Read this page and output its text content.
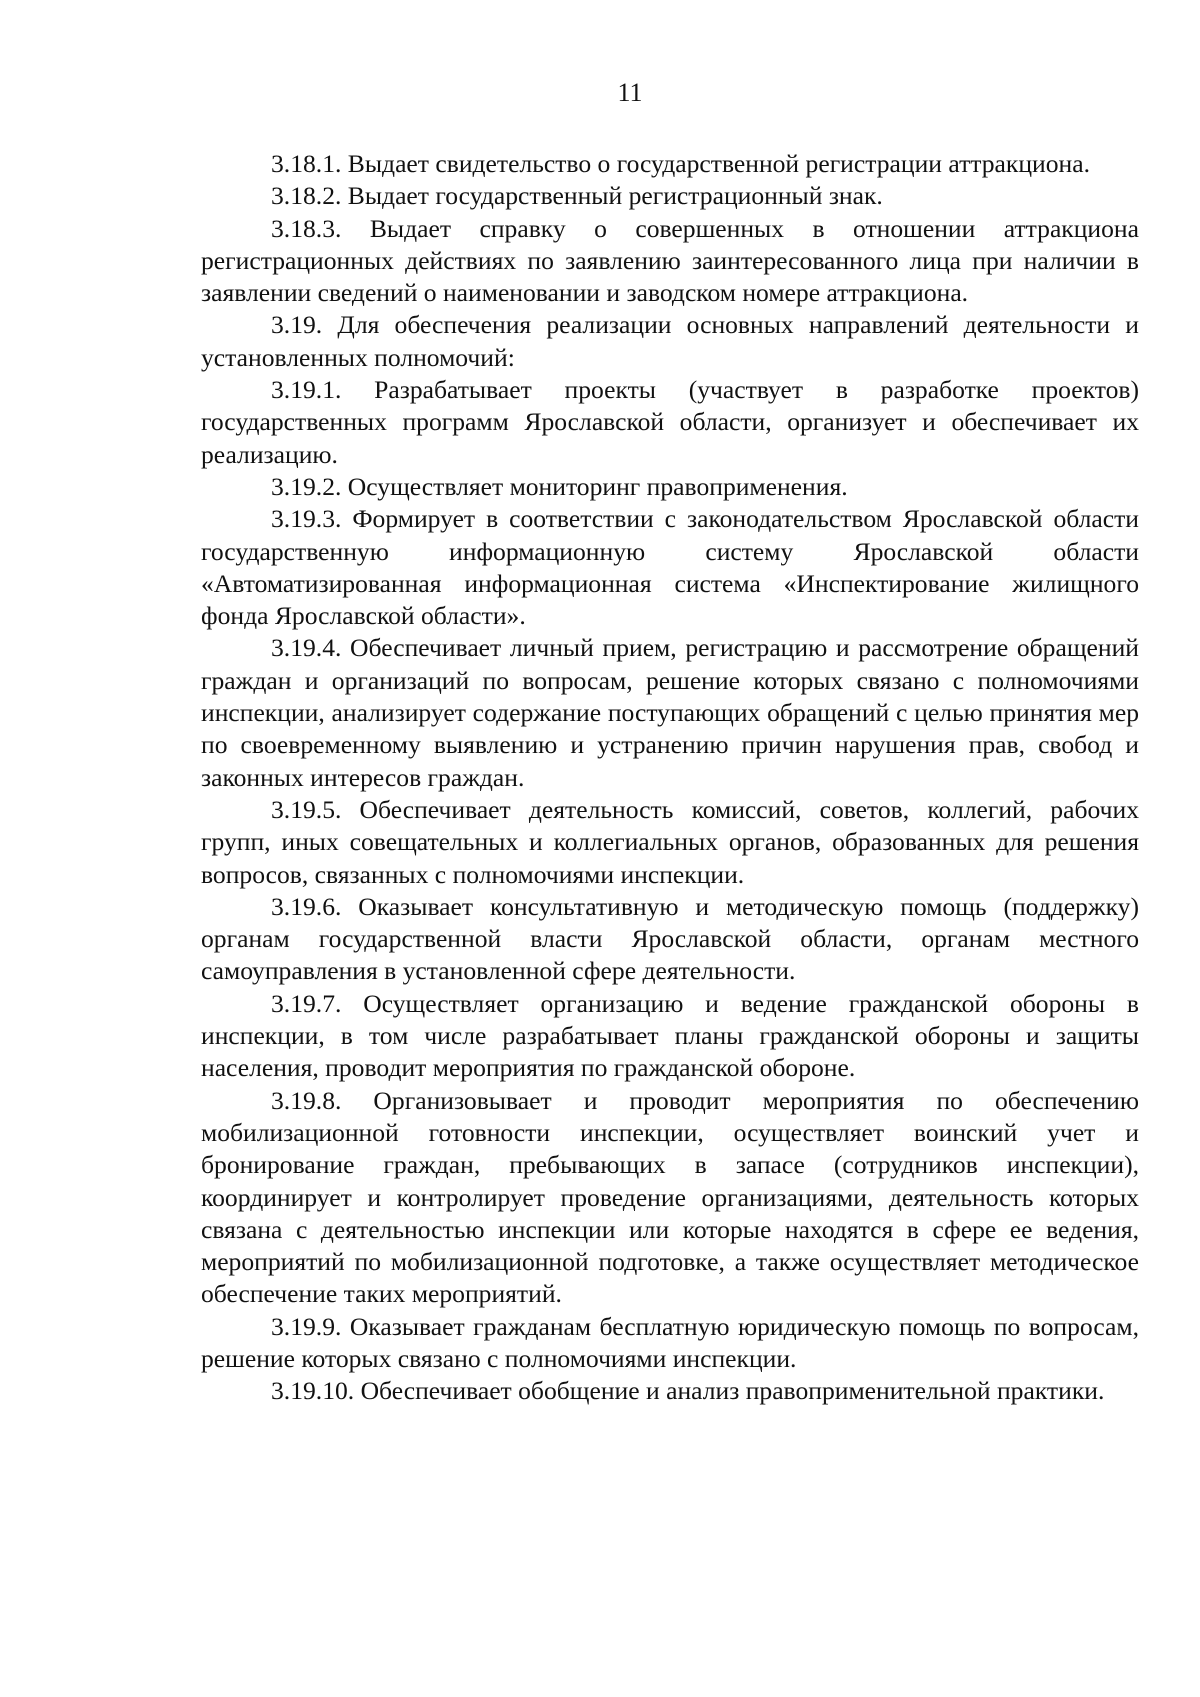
11

3.18.1. Выдает свидетельство о государственной регистрации аттракциона.

3.18.2. Выдает государственный регистрационный знак.

3.18.3. Выдает справку о совершенных в отношении аттракциона регистрационных действиях по заявлению заинтересованного лица при наличии в заявлении сведений о наименовании и заводском номере аттракциона.

3.19. Для обеспечения реализации основных направлений деятельности и установленных полномочий:

3.19.1. Разрабатывает проекты (участвует в разработке проектов) государственных программ Ярославской области, организует и обеспечивает их реализацию.

3.19.2. Осуществляет мониторинг правоприменения.

3.19.3. Формирует в соответствии с законодательством Ярославской области государственную информационную систему Ярославской области «Автоматизированная информационная система «Инспектирование жилищного фонда Ярославской области».

3.19.4. Обеспечивает личный прием, регистрацию и рассмотрение обращений граждан и организаций по вопросам, решение которых связано с полномочиями инспекции, анализирует содержание поступающих обращений с целью принятия мер по своевременному выявлению и устранению причин нарушения прав, свобод и законных интересов граждан.

3.19.5. Обеспечивает деятельность комиссий, советов, коллегий, рабочих групп, иных совещательных и коллегиальных органов, образованных для решения вопросов, связанных с полномочиями инспекции.

3.19.6. Оказывает консультативную и методическую помощь (поддержку) органам государственной власти Ярославской области, органам местного самоуправления в установленной сфере деятельности.

3.19.7. Осуществляет организацию и ведение гражданской обороны в инспекции, в том числе разрабатывает планы гражданской обороны и защиты населения, проводит мероприятия по гражданской обороне.

3.19.8. Организовывает и проводит мероприятия по обеспечению мобилизационной готовности инспекции, осуществляет воинский учет и бронирование граждан, пребывающих в запасе (сотрудников инспекции), координирует и контролирует проведение организациями, деятельность которых связана с деятельностью инспекции или которые находятся в сфере ее ведения, мероприятий по мобилизационной подготовке, а также осуществляет методическое обеспечение таких мероприятий.

3.19.9. Оказывает гражданам бесплатную юридическую помощь по вопросам, решение которых связано с полномочиями инспекции.

3.19.10. Обеспечивает обобщение и анализ правоприменительной практики.
